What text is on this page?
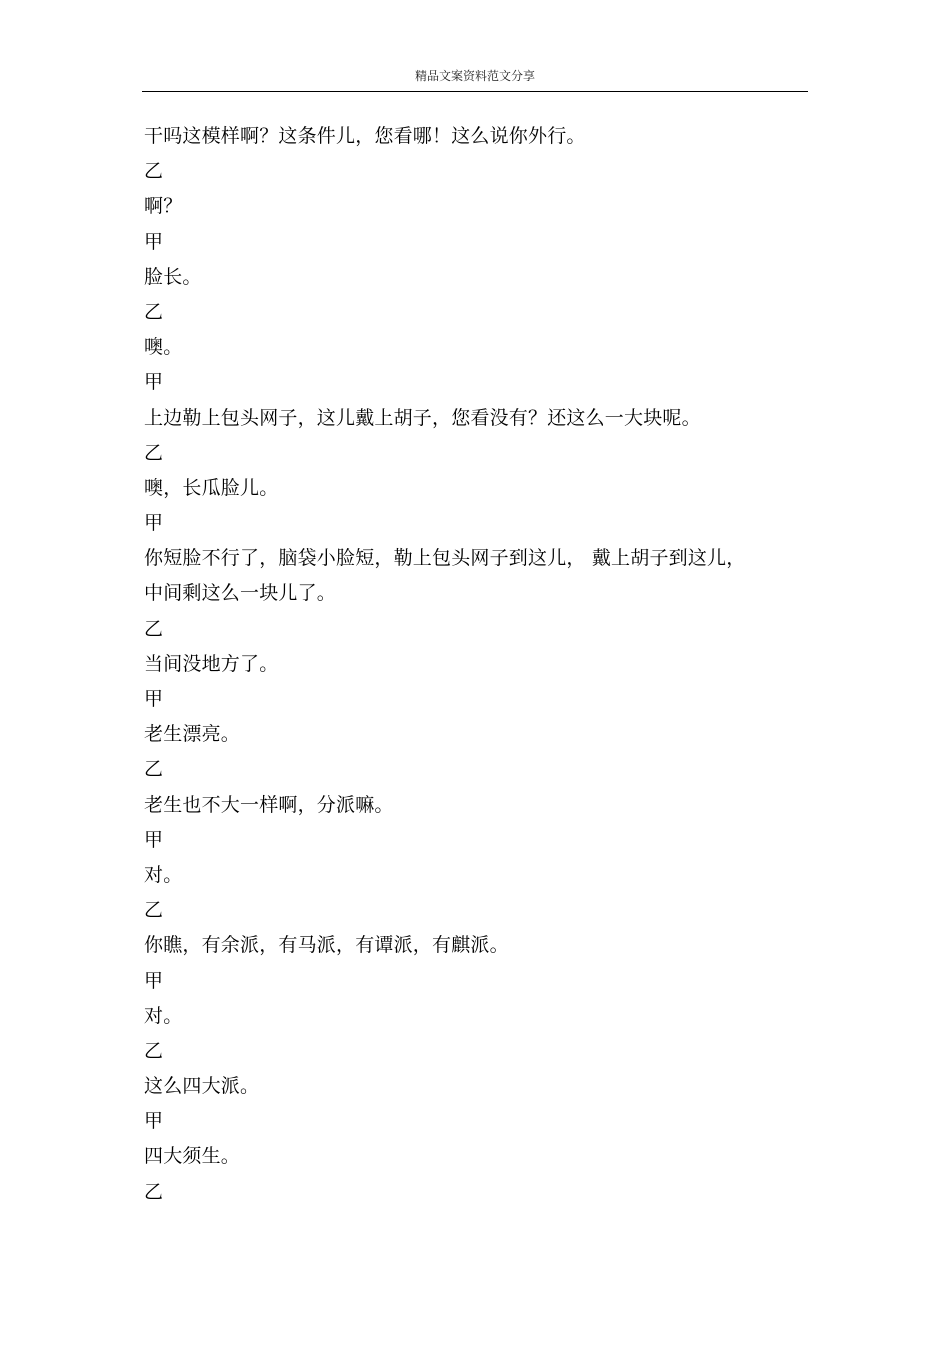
精品文案资料范文分享
干吗这模样啊？这条件儿，您看哪！这么说你外行。
乙
啊？
甲
脸长。
乙
噢。
甲
上边勒上包头网子，这儿戴上胡子，您看没有？还这么一大块呢。
乙
噢，长瓜脸儿。
甲
你短脸不行了，脑袋小脸短，勒上包头网子到这儿， 戴上胡子到这儿，
中间剩这么一块儿了。
乙
当间没地方了。
甲
老生漂亮。
乙
老生也不大一样啊，分派嘛。
甲
对。
乙
你瞧，有余派，有马派，有谭派，有麒派。
甲
对。
乙
这么四大派。
甲
四大须生。
乙
